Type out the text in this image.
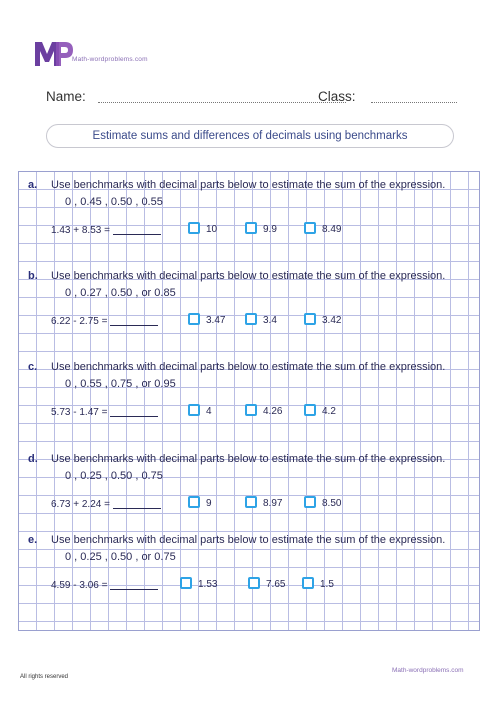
Math-wordproblems.com
Name:	Class:
Estimate sums and differences of decimals using benchmarks
a. Use benchmarks with decimal parts below to estimate the sum of the expression.
0 , 0.45 , 0.50 , 0.55
1.43 + 8.53 =	10	9.9	8.49
b. Use benchmarks with decimal parts below to estimate the sum of the expression.
0 , 0.27 , 0.50 , or 0.85
6.22 - 2.75 =	3.47	3.4	3.42
c. Use benchmarks with decimal parts below to estimate the sum of the expression.
0 , 0.55 , 0.75 , or 0.95
5.73 - 1.47 =	4	4.26	4.2
d. Use benchmarks with decimal parts below to estimate the sum of the expression.
0 , 0.25 , 0.50 , 0.75
6.73 + 2.24 =	9	8.97	8.50
e. Use benchmarks with decimal parts below to estimate the sum of the expression.
0 , 0.25 , 0.50 , or 0.75
4.59 - 3.06 =	1.53	7.65	1.5
All rights reserved
Math-wordproblems.com
